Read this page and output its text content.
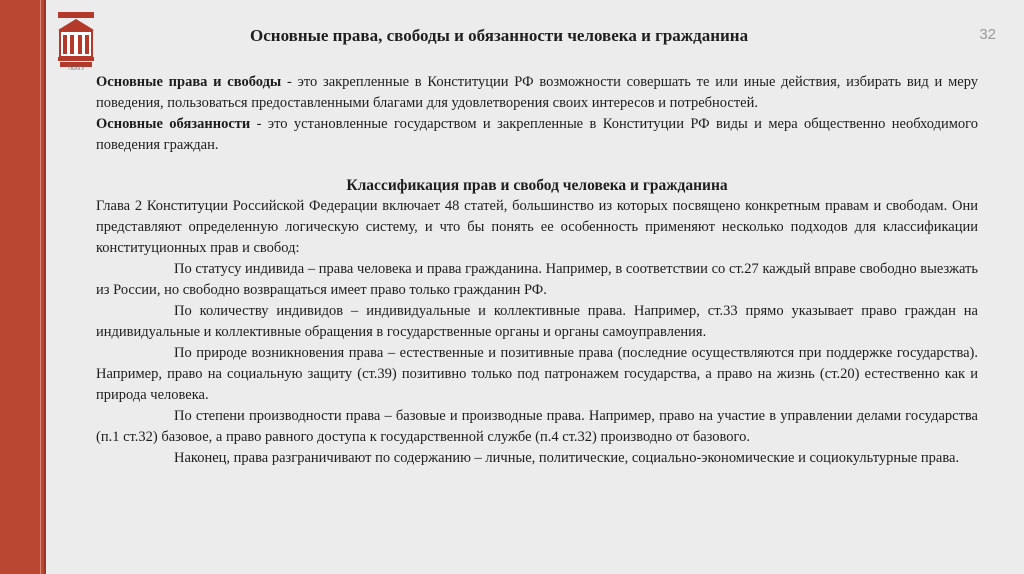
ТЮЛГУ
32
Основные права, свободы и обязанности человека и гражданина

Основные права и свободы - это закрепленные в Конституции РФ возможности совершать те или иные действия, избирать вид и меру поведения, пользоваться предоставленными благами для удовлетворения своих интересов и потребностей.

Основные обязанности - это установленные государством и закрепленные в Конституции РФ виды и мера общественно необходимого поведения граждан.

Классификация прав и свобод человека и гражданина

Глава 2 Конституции Российской Федерации включает 48 статей, большинство из которых посвящено конкретным правам и свободам. Они представляют определенную логическую систему, и что бы понять ее особенность применяют несколько подходов для классификации конституционных прав и свобод:

По статусу индивида – права человека и права гражданина. Например, в соответствии со ст.27 каждый вправе свободно выезжать из России, но свободно возвращаться имеет право только гражданин РФ.

По количеству индивидов – индивидуальные и коллективные права. Например, ст.33 прямо указывает право граждан на индивидуальные и коллективные обращения в государственные органы и органы самоуправления.

По природе возникновения права – естественные и позитивные права (последние осуществляются при поддержке государства). Например, право на социальную защиту (ст.39) позитивно только под патронажем государства, а право на жизнь (ст.20) естественно как и природа человека.

По степени производности права – базовые и производные права. Например, право на участие в управлении делами государства (п.1 ст.32) базовое, а право равного доступа к государственной службе (п.4 ст.32) производно от базового.

Наконец, права разграничивают по содержанию – личные, политические, социально-экономические и социокультурные права.
